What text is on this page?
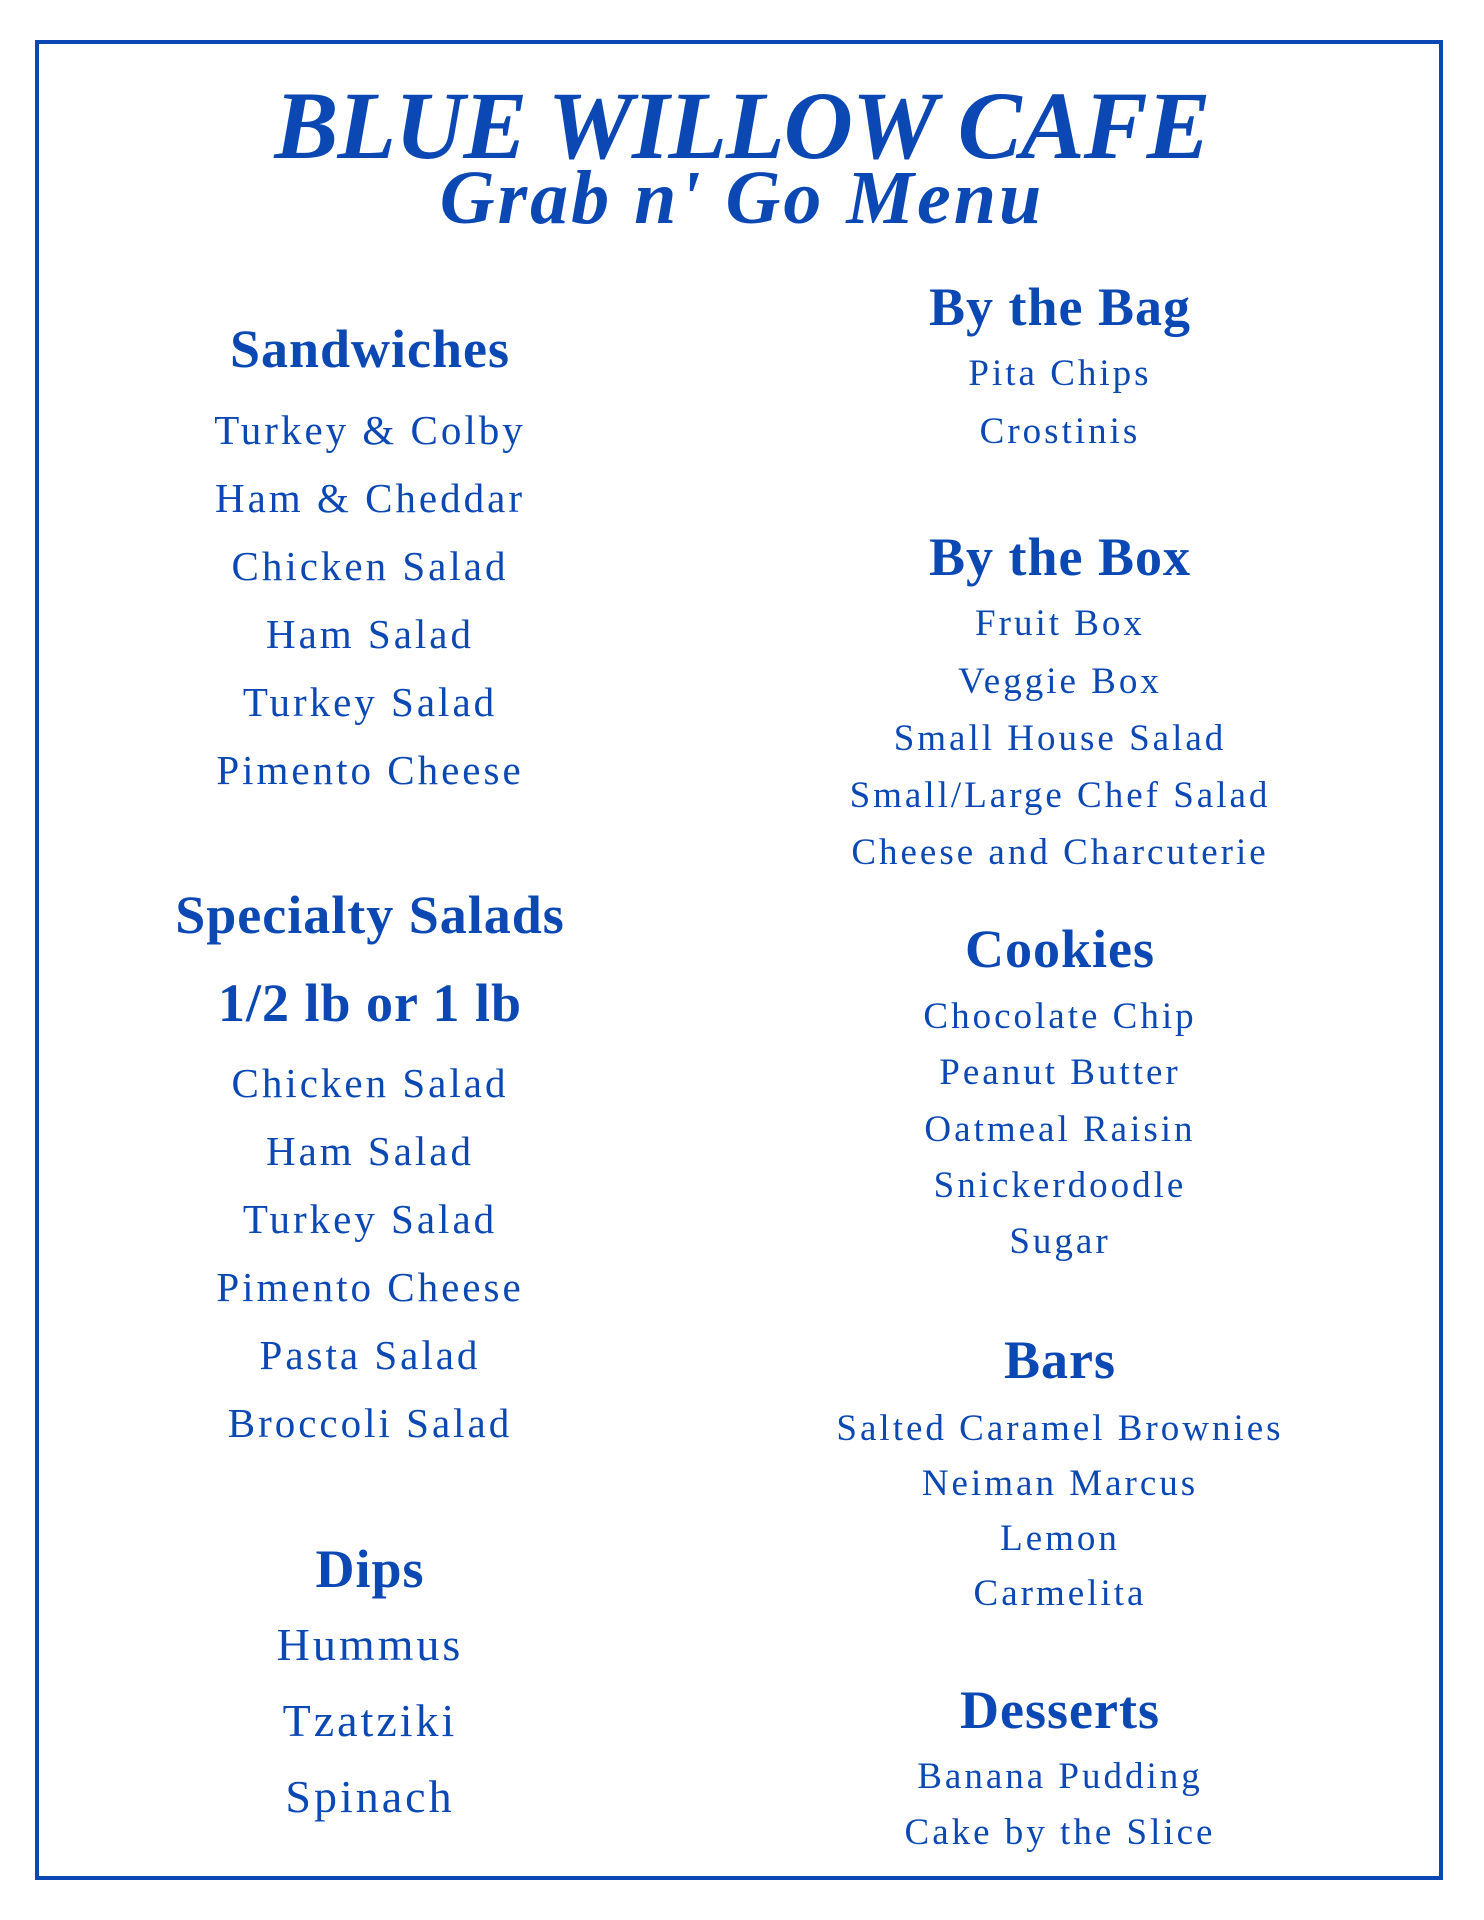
BLUE WILLOW CAFE
Grab n' Go Menu
Sandwiches

Turkey & Colby

Ham & Cheddar

Chicken Salad

Ham Salad

Turkey Salad

Pimento Cheese

Specialty Salads
1/2 lb or 1 lb

Chicken Salad

Ham Salad

Turkey Salad

Pimento Cheese

Pasta Salad

Broccoli Salad

Dips

Hummus

Tzatziki

Spinach

By the Bag

Pita Chips

Crostinis

By the Box

Fruit Box

Veggie Box

Small House Salad

Small/Large Chef Salad

Cheese and Charcuterie

Cookies

Chocolate Chip

Peanut Butter

Oatmeal Raisin

Snickerdoodle

Sugar

Bars

Salted Caramel Brownies

Neiman Marcus

Lemon

Carmelita

Desserts

Banana Pudding

Cake by the Slice
